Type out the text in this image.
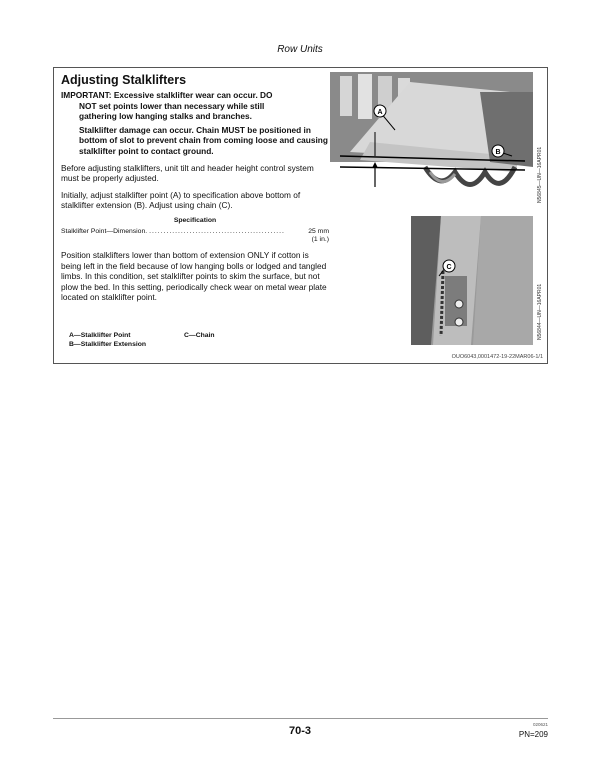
Row Units
Adjusting Stalklifters

IMPORTANT: Excessive stalklifter wear can occur. DO
NOT set points lower than necessary while still
gathering low hanging stalks and branches.

Stalklifter damage can occur. Chain MUST be positioned in bottom of slot to prevent chain from coming loose and causing stalklifter point to contact ground.

Before adjusting stalklifters, unit tilt and header height control system must be properly adjusted.

Initially, adjust stalklifter point (A) to specification above bottom of stalklifter extension (B). Adjust using chain (C).

Specification

Stalklifter Point—Dimension. ...............................................	25 mm

(1 in.)

Position stalklifters lower than bottom of extension ONLY if cotton is being left in the field because of low hanging bolls or lodged and tangled limbs. In this condition, set stalklifter points to skim the surface, but not plow the bed. In this setting, periodically check wear on metal wear plate located on stalklifter point.

A—Stalklifter Point
B—Stalklifter Extension
C—Chain
A
B	N56845—UN—16APR01
C
N56844—UN—16APR01
OUO6043,0001472-19-22MAR06-1/1
70-3
020621
PN=209
